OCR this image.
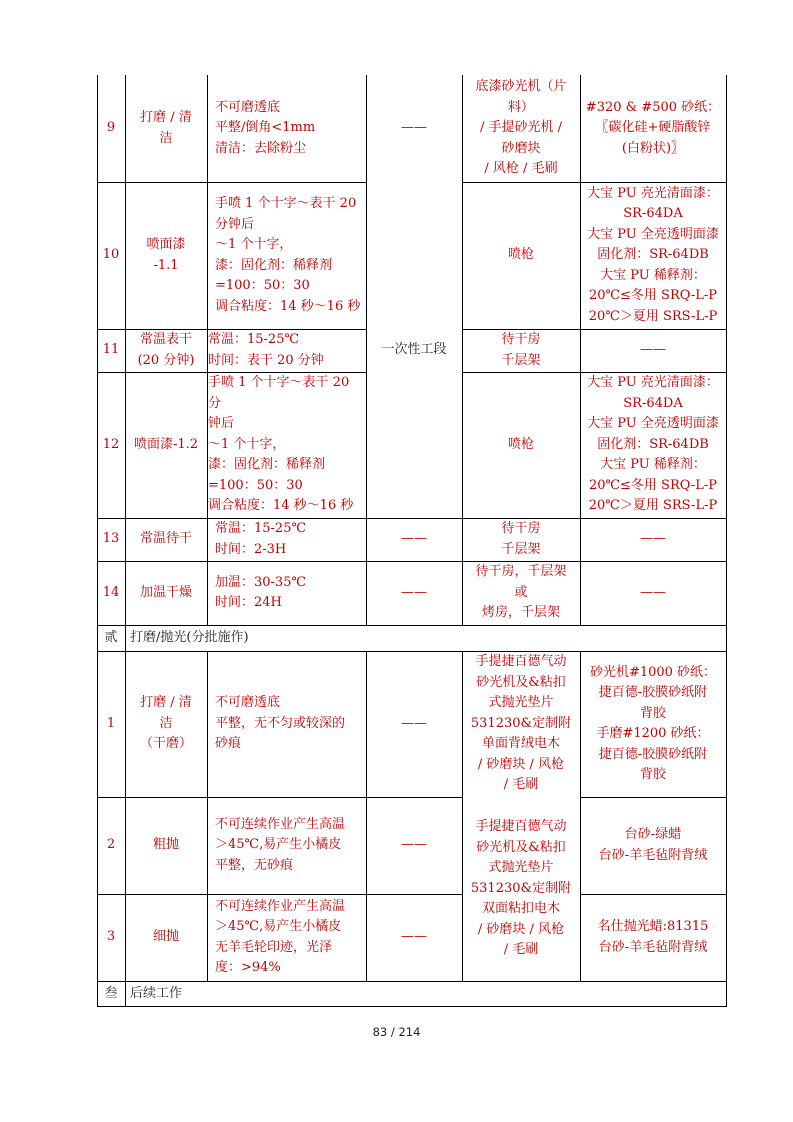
9
打磨 / 清
洁
不可磨透底
平整/倒角<1mm
清洁：去除粉尘
——
底漆砂光机（片
料）
/ 手提砂光机 /
砂磨块
/ 风枪 / 毛刷
#320 & #500 砂纸：
〖碳化硅+硬脂酸锌
(白粉状)〗
10
喷面漆
-1.1
手喷 1 个十字～表干 20
分钟后
～1 个十字，
漆：固化剂：稀释剂
=100：50：30
调合粘度：14 秒～16 秒
喷枪
大宝 PU 亮光清面漆：
SR-64DA
大宝 PU 全亮透明面漆
固化剂：SR-64DB
大宝 PU 稀释剂：
20℃≤冬用 SRQ-L-P
20℃＞夏用 SRS-L-P
11
常温表干
(20 分钟)
常温：15-25℃
时间：表干 20 分钟
一次性工段
待干房
千层架
——
12 喷面漆-1.2
手喷 1 个十字～表干 20 分
钟后
～1 个十字，
漆：固化剂：稀释剂
=100：50：30
调合粘度：14 秒～16 秒
喷枪
大宝 PU 亮光清面漆：
SR-64DA
大宝 PU 全亮透明面漆
固化剂：SR-64DB
大宝 PU 稀释剂：
20℃≤冬用 SRQ-L-P
20℃＞夏用 SRS-L-P
13 常温待干
常温：15-25℃
时间：2-3H
——
待干房
千层架
——
14 加温干燥
加温：30-35℃
时间：24H
——
待干房，千层架
或
烤房，千层架
——
贰 打磨/抛光(分批施作)
1
打磨 / 清
洁
（干磨）
不可磨透底
平整，无不匀或较深的
砂痕
——
手提捷百德气动
砂光机及&粘扣
式抛光垫片
531230&定制附
单面背绒电木
/ 砂磨块 / 风枪
/ 毛刷
砂光机#1000 砂纸：
捷百德-胶膜砂纸附
背胶
手磨#1200 砂纸：
捷百德-胶膜砂纸附
背胶
2	粗抛
不可连续作业产生高温
＞45℃,易产生小橘皮
平整，无砂痕
——
手提捷百德气动
砂光机及&粘扣
式抛光垫片
531230&定制附
双面粘扣电木
/ 砂磨块 / 风枪
/ 毛刷
台砂-绿蜡
台砂-羊毛毡附背绒
3	细抛
不可连续作业产生高温
＞45℃,易产生小橘皮
无羊毛轮印迹，光泽
度：>94%
——
名仕抛光蜡:81315
台砂-羊毛毡附背绒
叁 后续工作
83 / 214
